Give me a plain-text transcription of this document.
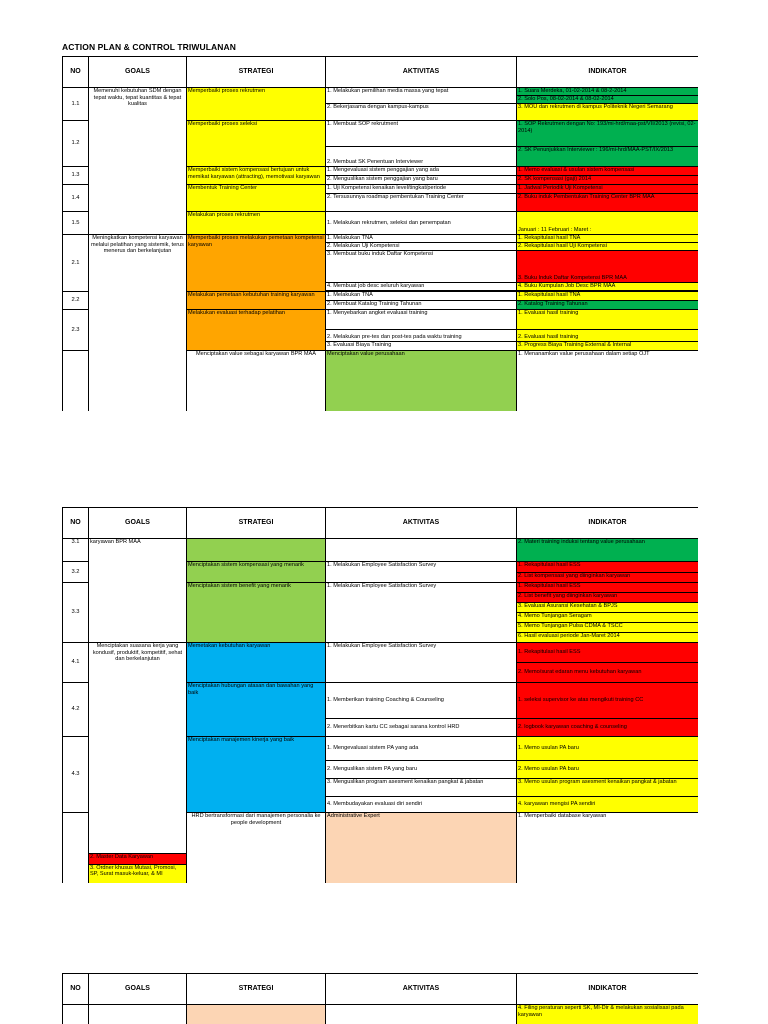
ACTION PLAN & CONTROL TRIWULANAN
NO	GOALS	STRATEGI	AKTIVITAS	INDIKATOR	
1.1	Memenuhi kebutuhan SDM dengan tepat waktu, tepat kuantitas & tepat kualitas	Memperbaiki proses rekrutmen	1. Melakukan pemilihan media massa yang tepat	1. Suara Merdeka, 01-02-2014 & 08-2-2014	
				2. Solo Pos, 08-02-2014 & 08-02-2014	
			2. Bekerjasama dengan kampus-kampus	3. MOU dan rekrutmen di kampus Politeknik Negeri Semarang	
1.2		Memperbaiki proses seleksi	1. Membuat SOP rekrutment	1. SOP Rekrutmen dengan No: 193/mi-hrd/maa-pst/VII/2013 (revisi, 02-2014)	
			2. Membuat SK Penentuan Interviewer	2. SK Penunjukkan Interviewer : 196/mi-hrd/MAA-PST/IX/2013	
1.3		Memperbaiki sistem kompensasi bertujuan untuk memikat karyawan (attracting), memotivasi karyawan	1. Mengevaluasi sistem penggajian yang ada	1. Memo evaluasi & usulan sistem kompensasi	
			2. Menguslikan sistem penggajian yang baru	2. SK kompensasi (gaji) 2014	
1.4		Membentuk Training Center	1. Uji Kompetensi kenaikan level/tingkat/periode	1. Jadwal Periodik Uji Kompetensi	
			2. Tersusunnya roadmap pembentukan Training Center	2. Buku induk Pembentukan Training Center BPR MAA	
1.5		Melakukan proses rekrutmen	1. Melakukan rekrutmen, seleksi dan penempatan	Januari : 11 Februari : Maret :	
2.1	Meningkatkan kompetensi karyawan melalui pelatihan yang sistemik, terus menerus dan berkelanjutan	Memperbaiki proses melakukan pemetaan kompetensi karyawan	1. Melakukan TNA	1. Rekapitulasi hasil TNA	
			2. Melakukan Uji Kompetensi	2. Rekapitulasi hasil Uji Kompetensi	
			3. Membuat buku induk Daftar Kompetensi	3. Buku Induk Daftar Kompetensi BPR MAA	
			4. Membuat job desc seluruh karyawan	4. Buku Kumpulan Job Desc BPR MAA	

2.2		Melakukan pemetaan kebutuhan training karyawan	1. Melakukan TNA	1. Rekapitulasi hasil TNA	
			2. Membuat Katalog Training Tahunan	2. Katalog Training Tahunan	
2.3		Melakukan evaluasi terhadap pelatihan	1. Menyebarkan angket evaluasi training	1. Evaluasi hasil training	
			2. Melakukan pre-tes dan post-tes pada waktu training	2. Evaluasi hasil training	
			3. Evaluasi Biaya Training	3. Progress Biaya Training External & Internal	
		Menciptakan value sebagai karyawan BPR MAA	Menciptakan value perusahaan	1. Menanamkan value perusahaan dalam setiap OJT	
NO	GOALS	STRATEGI	AKTIVITAS	INDIKATOR	
3.1	karyawan BPR MAA			2. Materi training induksi tentang value perusahaan	
3.2		Menciptakan sistem kompensasi yang menarik	1. Melakukan Employee Satisfaction Survey	1. Rekapitulasi hasil ESS	
				2. List kompensasi yang diinginkan karyawan	
3.3		Menciptakan sistem benefit yang menarik	1. Melakukan Employee Satisfaction Survey	1. Rekapitulasi hasil ESS	
				2. List benefit yang diinginkan karyawan	
				3. Evaluasi Asuransi Kesehatan & BPJS	
				4. Memo Tunjangan Seragam	
				5. Memo Tunjangan Pulsa CDMA & TSCC	
				6. Hasil evaluasi periode Jan-Maret 2014	
4.1	Menciptakan suasana kerja yang kondusif, produktif, kompetitif, sehat dan berkelanjutan	Memetakan kebutuhan karyawan	1. Melakukan Employee Satisfaction Survey	1. Rekapitulasi hasil ESS	
				2. Memo/surat edaran menu kebutuhan karyawan	
4.2		Menciptakan hubungan atasan dan bawahan yang baik	1. Memberikan training Coaching & Counseling	1. seleksi supervisor ke atas mengikuti training CC	
			2. Menerbitkan kartu CC sebagai sarana kontrol HRD	2. logbook karyawan coaching & counseling	
4.3		Menciptakan manajemen kinerja yang baik	1. Mengevaluasi sistem PA yang ada	1. Memo usulan PA baru	
			2. Menguslikan sistem PA yang baru	2. Memo usulan PA baru	
			3. Menguslikan program asesment kenaikan pangkat & jabatan	3. Memo usulan program asesment kenaikan pangkat & jabatan	
			4. Membudayakan evaluasi diri sendiri	4. karyawan mengisi PA sendiri	
		HRD bertransformasi dari manajemen personalia ke people development	Administrative Expert	1. Memperbaiki database karyawan	
	2. Master Data Karyawan				
	3. Ordner khusus Mutasi, Promosi, SP, Surat masuk-keluar, & MI				
NO	GOALS	STRATEGI	AKTIVITAS	INDIKATOR
				4. Filing peraturan seperti SK, MI-Dir & melakukan sosialisasi pada karyawan
